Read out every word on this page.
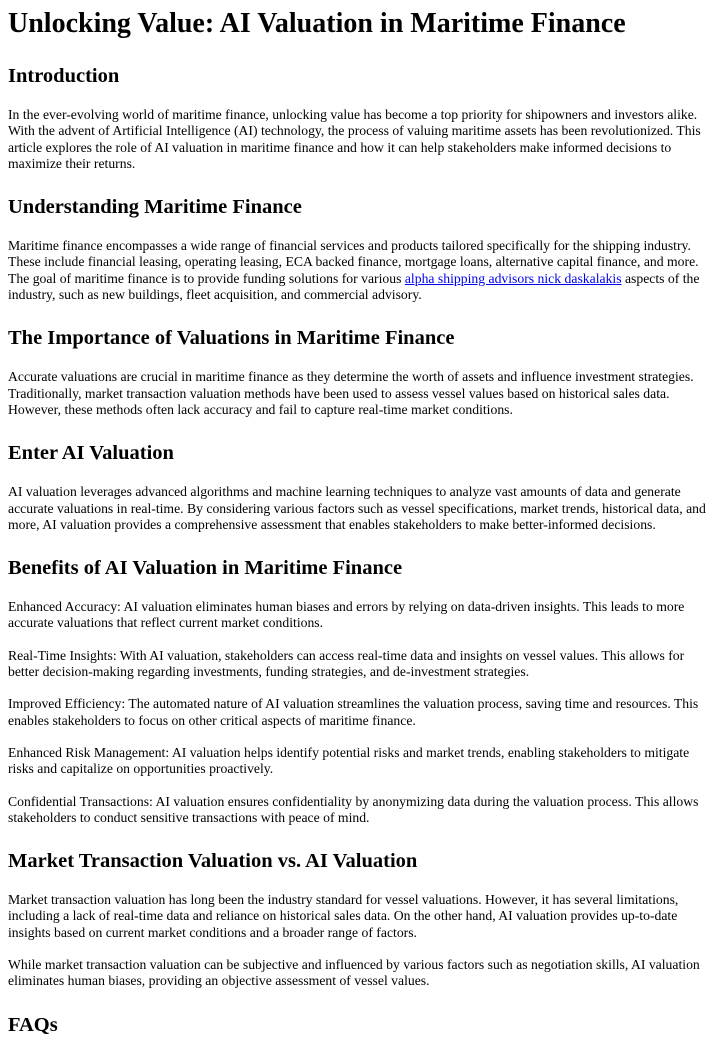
Unlocking Value: AI Valuation in Maritime Finance
Introduction

In the ever-evolving world of maritime finance, unlocking value has become a top priority for shipowners and investors alike. With the advent of Artificial Intelligence (AI) technology, the process of valuing maritime assets has been revolutionized. This article explores the role of AI valuation in maritime finance and how it can help stakeholders make informed decisions to maximize their returns.

Understanding Maritime Finance

Maritime finance encompasses a wide range of financial services and products tailored specifically for the shipping industry. These include financial leasing, operating leasing, ECA backed finance, mortgage loans, alternative capital finance, and more. The goal of maritime finance is to provide funding solutions for various alpha shipping advisors nick daskalakis aspects of the industry, such as new buildings, fleet acquisition, and commercial advisory.

The Importance of Valuations in Maritime Finance

Accurate valuations are crucial in maritime finance as they determine the worth of assets and influence investment strategies. Traditionally, market transaction valuation methods have been used to assess vessel values based on historical sales data. However, these methods often lack accuracy and fail to capture real-time market conditions.

Enter AI Valuation

AI valuation leverages advanced algorithms and machine learning techniques to analyze vast amounts of data and generate accurate valuations in real-time. By considering various factors such as vessel specifications, market trends, historical data, and more, AI valuation provides a comprehensive assessment that enables stakeholders to make better-informed decisions.

Benefits of AI Valuation in Maritime Finance

Enhanced Accuracy: AI valuation eliminates human biases and errors by relying on data-driven insights. This leads to more accurate valuations that reflect current market conditions.

Real-Time Insights: With AI valuation, stakeholders can access real-time data and insights on vessel values. This allows for better decision-making regarding investments, funding strategies, and de-investment strategies.

Improved Efficiency: The automated nature of AI valuation streamlines the valuation process, saving time and resources. This enables stakeholders to focus on other critical aspects of maritime finance.

Enhanced Risk Management: AI valuation helps identify potential risks and market trends, enabling stakeholders to mitigate risks and capitalize on opportunities proactively.

Confidential Transactions: AI valuation ensures confidentiality by anonymizing data during the valuation process. This allows stakeholders to conduct sensitive transactions with peace of mind.

Market Transaction Valuation vs. AI Valuation

Market transaction valuation has long been the industry standard for vessel valuations. However, it has several limitations, including a lack of real-time data and reliance on historical sales data. On the other hand, AI valuation provides up-to-date insights based on current market conditions and a broader range of factors.

While market transaction valuation can be subjective and influenced by various factors such as negotiation skills, AI valuation eliminates human biases, providing an objective assessment of vessel values.

FAQs
